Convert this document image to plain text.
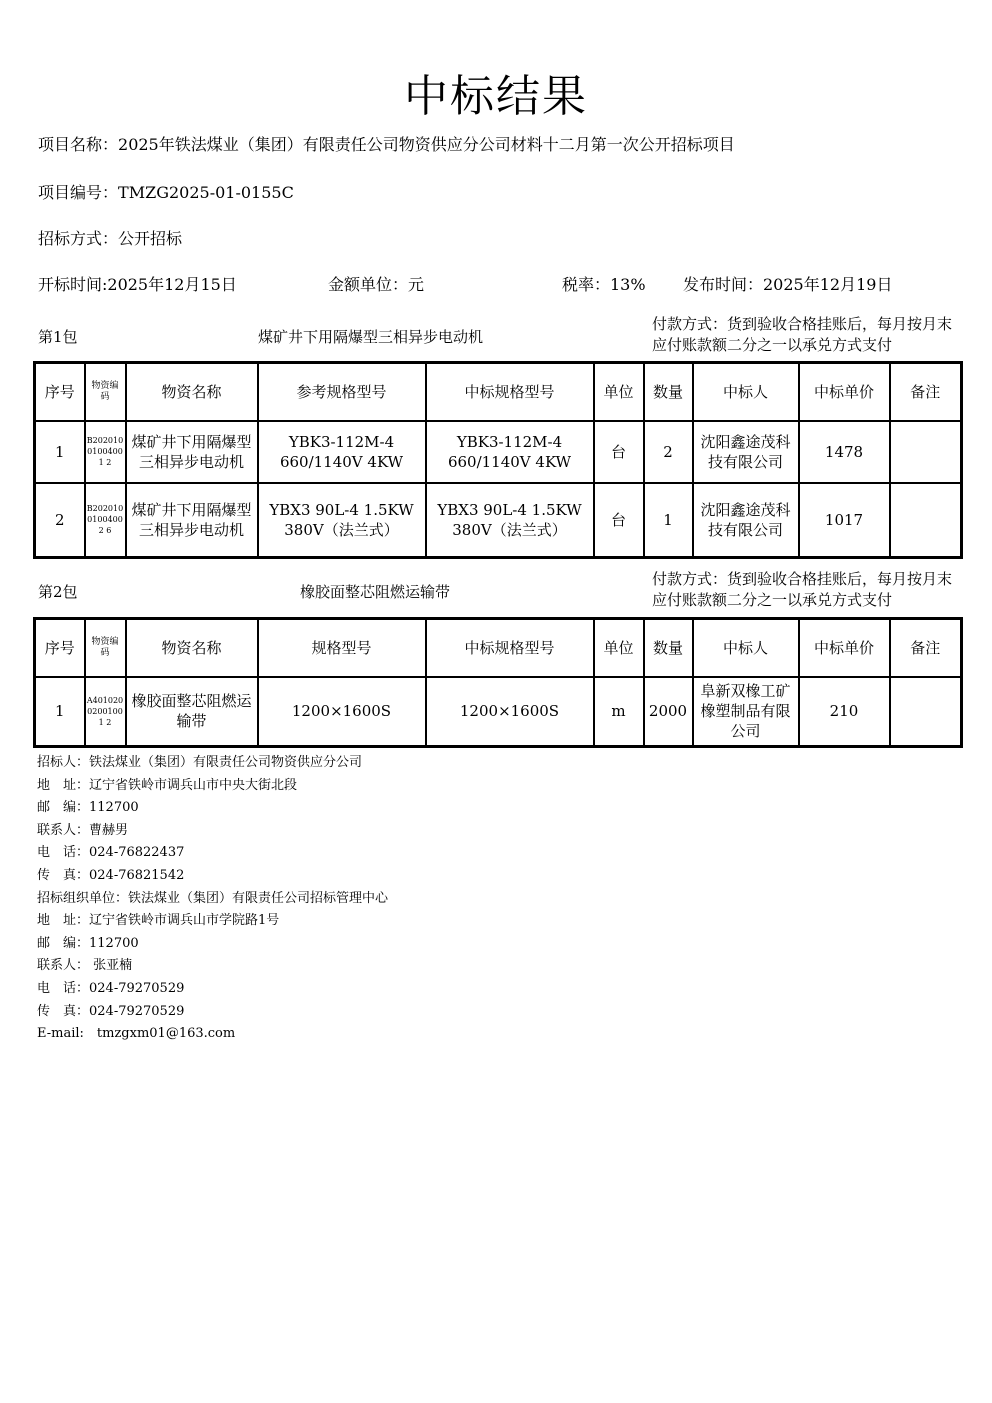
中标结果
项目名称：2025年铁法煤业（集团）有限责任公司物资供应分公司材料十二月第一次公开招标项目
项目编号：TMZG2025-01-0155C
招标方式：公开招标
开标时间:2025年12月15日	金额单位：元	税率：13% 发布时间：2025年12月19日
第1包	煤矿井下用隔爆型三相异步电动机
付款方式：货到验收合格挂账后，每月按月末应付账款额二分之一以承兑方式支付
序号	物资编码	物资名称	参考规格型号	中标规格型号	单位	数量	中标人	中标单价	备注
1	B20201001004001 2	煤矿井下用隔爆型三相异步电动机	YBK3-112M-4 660/1140V 4KW	YBK3-112M-4 660/1140V 4KW	台	2	沈阳鑫途茂科技有限公司	1478	
2	B20201001004002 6	煤矿井下用隔爆型三相异步电动机	YBX3 90L-4 1.5KW 380V（法兰式）	YBX3 90L-4 1.5KW 380V（法兰式）	台	1	沈阳鑫途茂科技有限公司	1017	
第2包	橡胶面整芯阻燃运输带
付款方式：货到验收合格挂账后，每月按月末应付账款额二分之一以承兑方式支付
序号	物资编码	物资名称	规格型号	中标规格型号	单位	数量	中标人	中标单价	备注
1	A40102002001001 2	橡胶面整芯阻燃运输带	1200×1600S	1200×1600S	m	2000	阜新双橡工矿橡塑制品有限公司	210	
招标人：铁法煤业（集团）有限责任公司物资供应分公司
地　址：辽宁省铁岭市调兵山市中央大街北段
邮　编：112700
联系人：曹赫男
电　话：024-76822437
传　真：024-76821542
招标组织单位：铁法煤业（集团）有限责任公司招标管理中心
地　址：辽宁省铁岭市调兵山市学院路1号
邮　编：112700
联系人： 张亚楠
电　话：024-79270529
传　真：024-79270529
E-mail:　tmzgxm01@163.com
